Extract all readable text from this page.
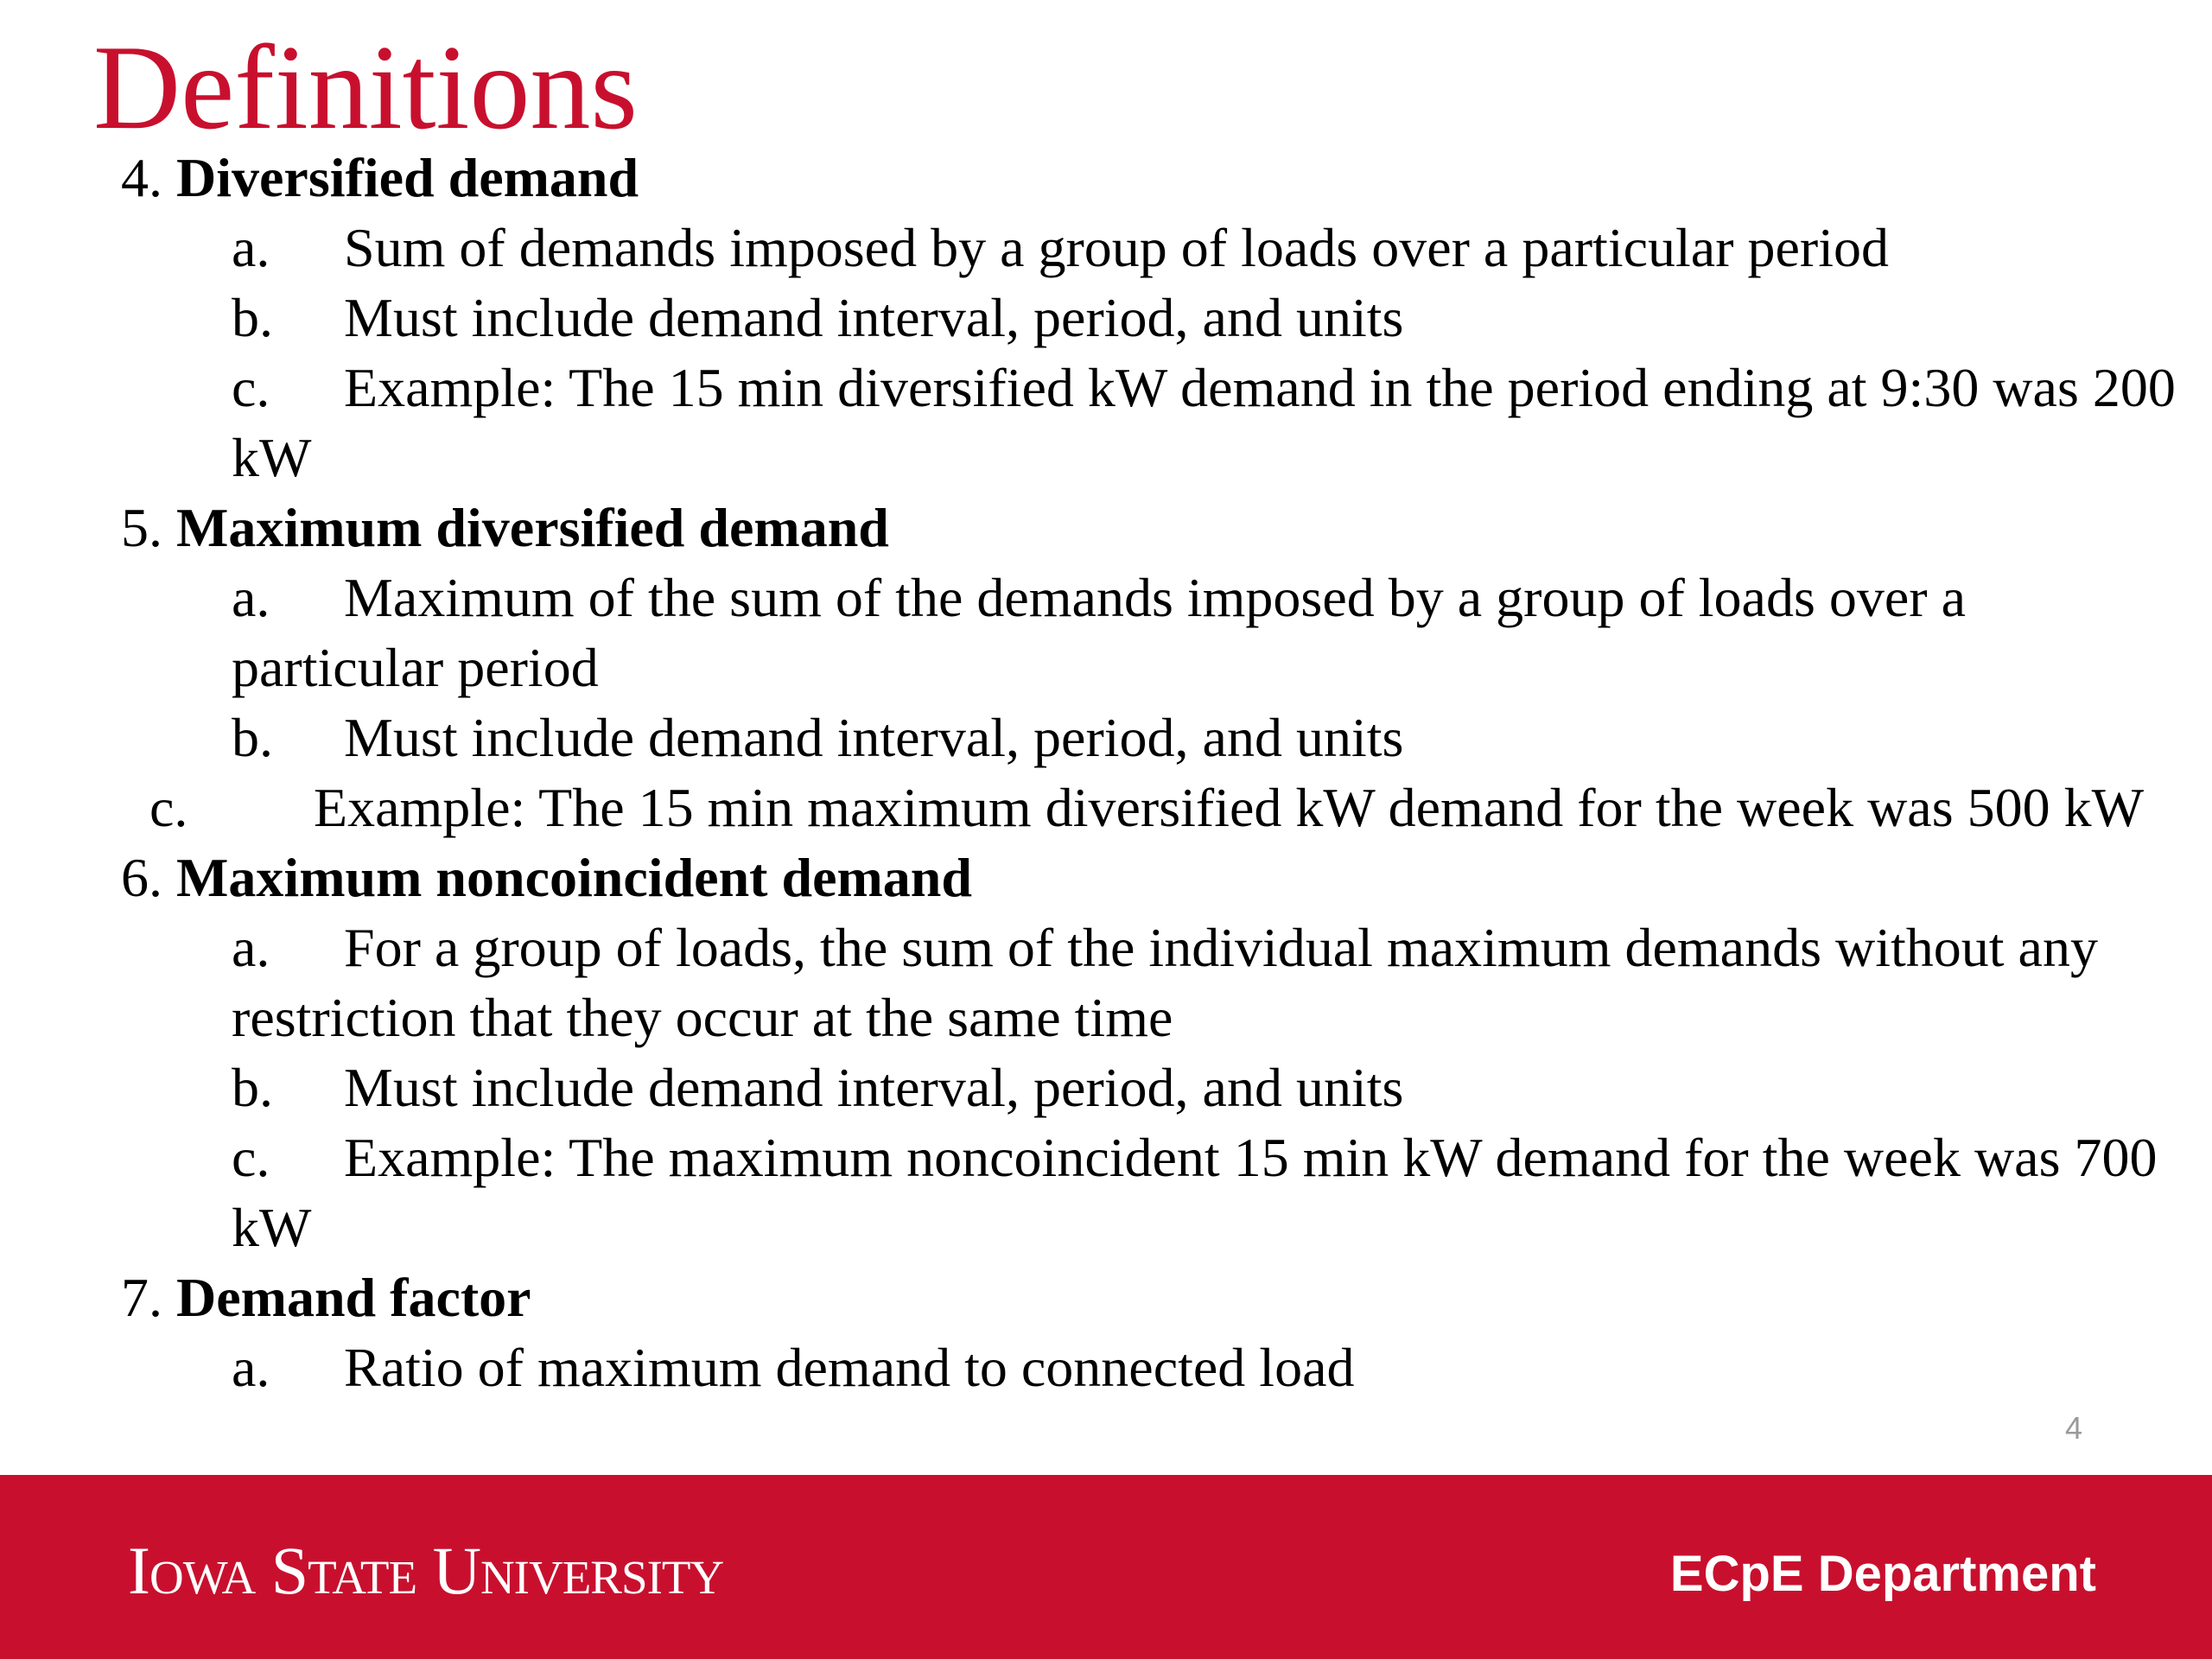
Definitions
4. Diversified demand
a. Sum of demands imposed by a group of loads over a particular period
b. Must include demand interval, period, and units
c. Example: The 15 min diversified kW demand in the period ending at 9:30 was 200 kW
5. Maximum diversified demand
a. Maximum of the sum of the demands imposed by a group of loads over a particular period
b. Must include demand interval, period, and units
c. Example: The 15 min maximum diversified kW demand for the week was 500 kW
6. Maximum noncoincident demand
a. For a group of loads, the sum of the individual maximum demands without any restriction that they occur at the same time
b. Must include demand interval, period, and units
c. Example: The maximum noncoincident 15 min kW demand for the week was 700 kW
7. Demand factor
a. Ratio of maximum demand to connected load
4
Iowa State University	ECpE Department
